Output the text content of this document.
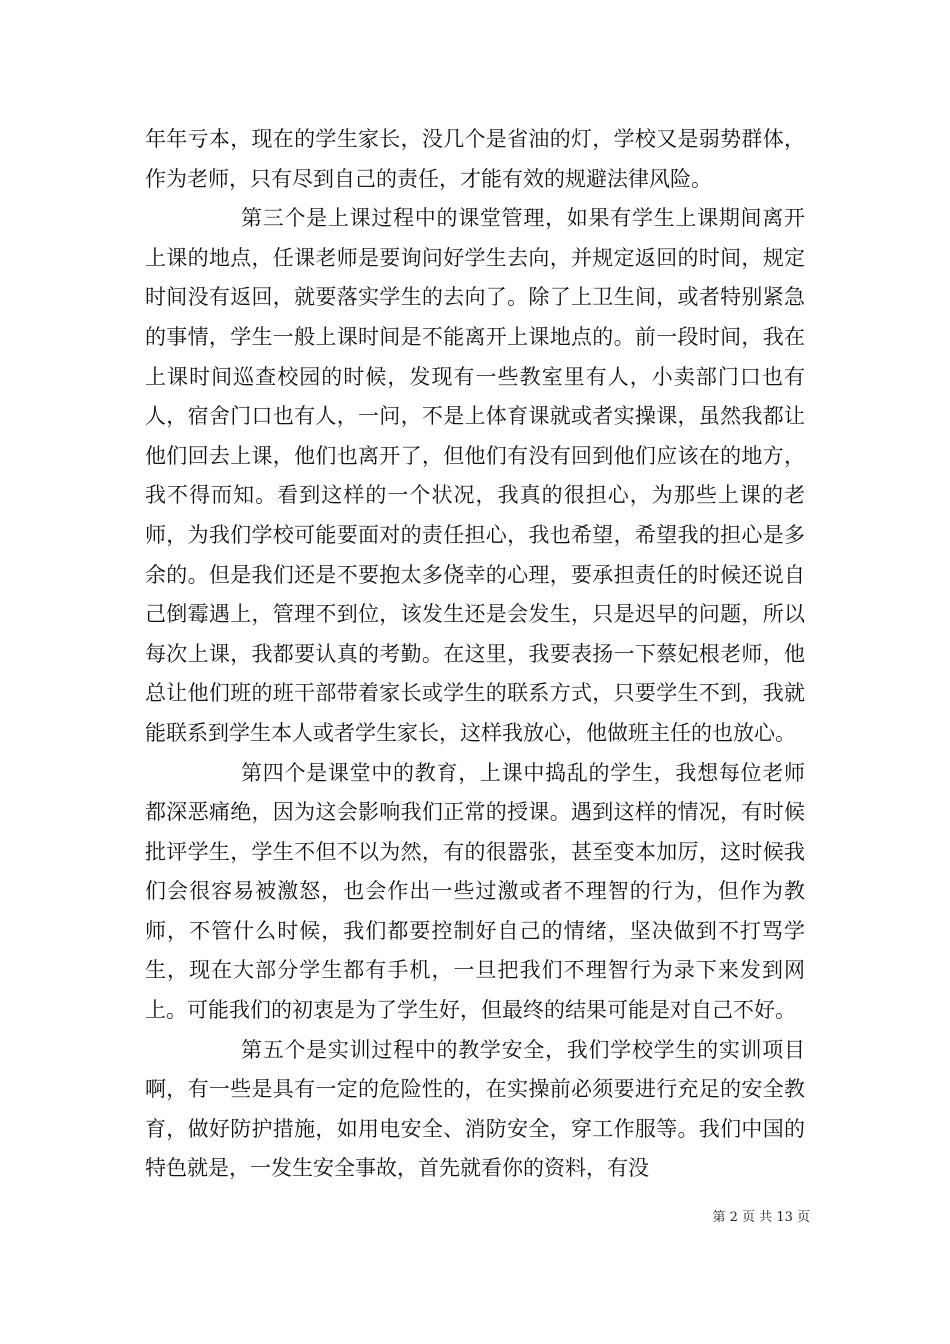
年年亏本，现在的学生家长，没几个是省油的灯，学校又是弱势群体，作为老师，只有尽到自己的责任，才能有效的规避法律风险。

第三个是上课过程中的课堂管理，如果有学生上课期间离开上课的地点，任课老师是要询问好学生去向，并规定返回的时间，规定时间没有返回，就要落实学生的去向了。除了上卫生间，或者特别紧急的事情，学生一般上课时间是不能离开上课地点的。前一段时间，我在上课时间巡查校园的时候，发现有一些教室里有人，小卖部门口也有人，宿舍门口也有人，一问，不是上体育课就或者实操课，虽然我都让他们回去上课，他们也离开了，但他们有没有回到他们应该在的地方，我不得而知。看到这样的一个状况，我真的很担心，为那些上课的老师，为我们学校可能要面对的责任担心，我也希望，希望我的担心是多余的。但是我们还是不要抱太多侥幸的心理，要承担责任的时候还说自己倒霉遇上，管理不到位，该发生还是会发生，只是迟早的问题，所以每次上课，我都要认真的考勤。在这里，我要表扬一下蔡妃根老师，他总让他们班的班干部带着家长或学生的联系方式，只要学生不到，我就能联系到学生本人或者学生家长，这样我放心，他做班主任的也放心。

第四个是课堂中的教育，上课中捣乱的学生，我想每位老师都深恶痛绝，因为这会影响我们正常的授课。遇到这样的情况，有时候批评学生，学生不但不以为然，有的很嚣张，甚至变本加厉，这时候我们会很容易被激怒，也会作出一些过激或者不理智的行为，但作为教师，不管什么时候，我们都要控制好自己的情绪，坚决做到不打骂学生，现在大部分学生都有手机，一旦把我们不理智行为录下来发到网上。可能我们的初衷是为了学生好，但最终的结果可能是对自己不好。

第五个是实训过程中的教学安全，我们学校学生的实训项目啊，有一些是具有一定的危险性的，在实操前必须要进行充足的安全教育，做好防护措施，如用电安全、消防安全，穿工作服等。我们中国的特色就是，一发生安全事故，首先就看你的资料，有没

第 2 页 共 13 页
